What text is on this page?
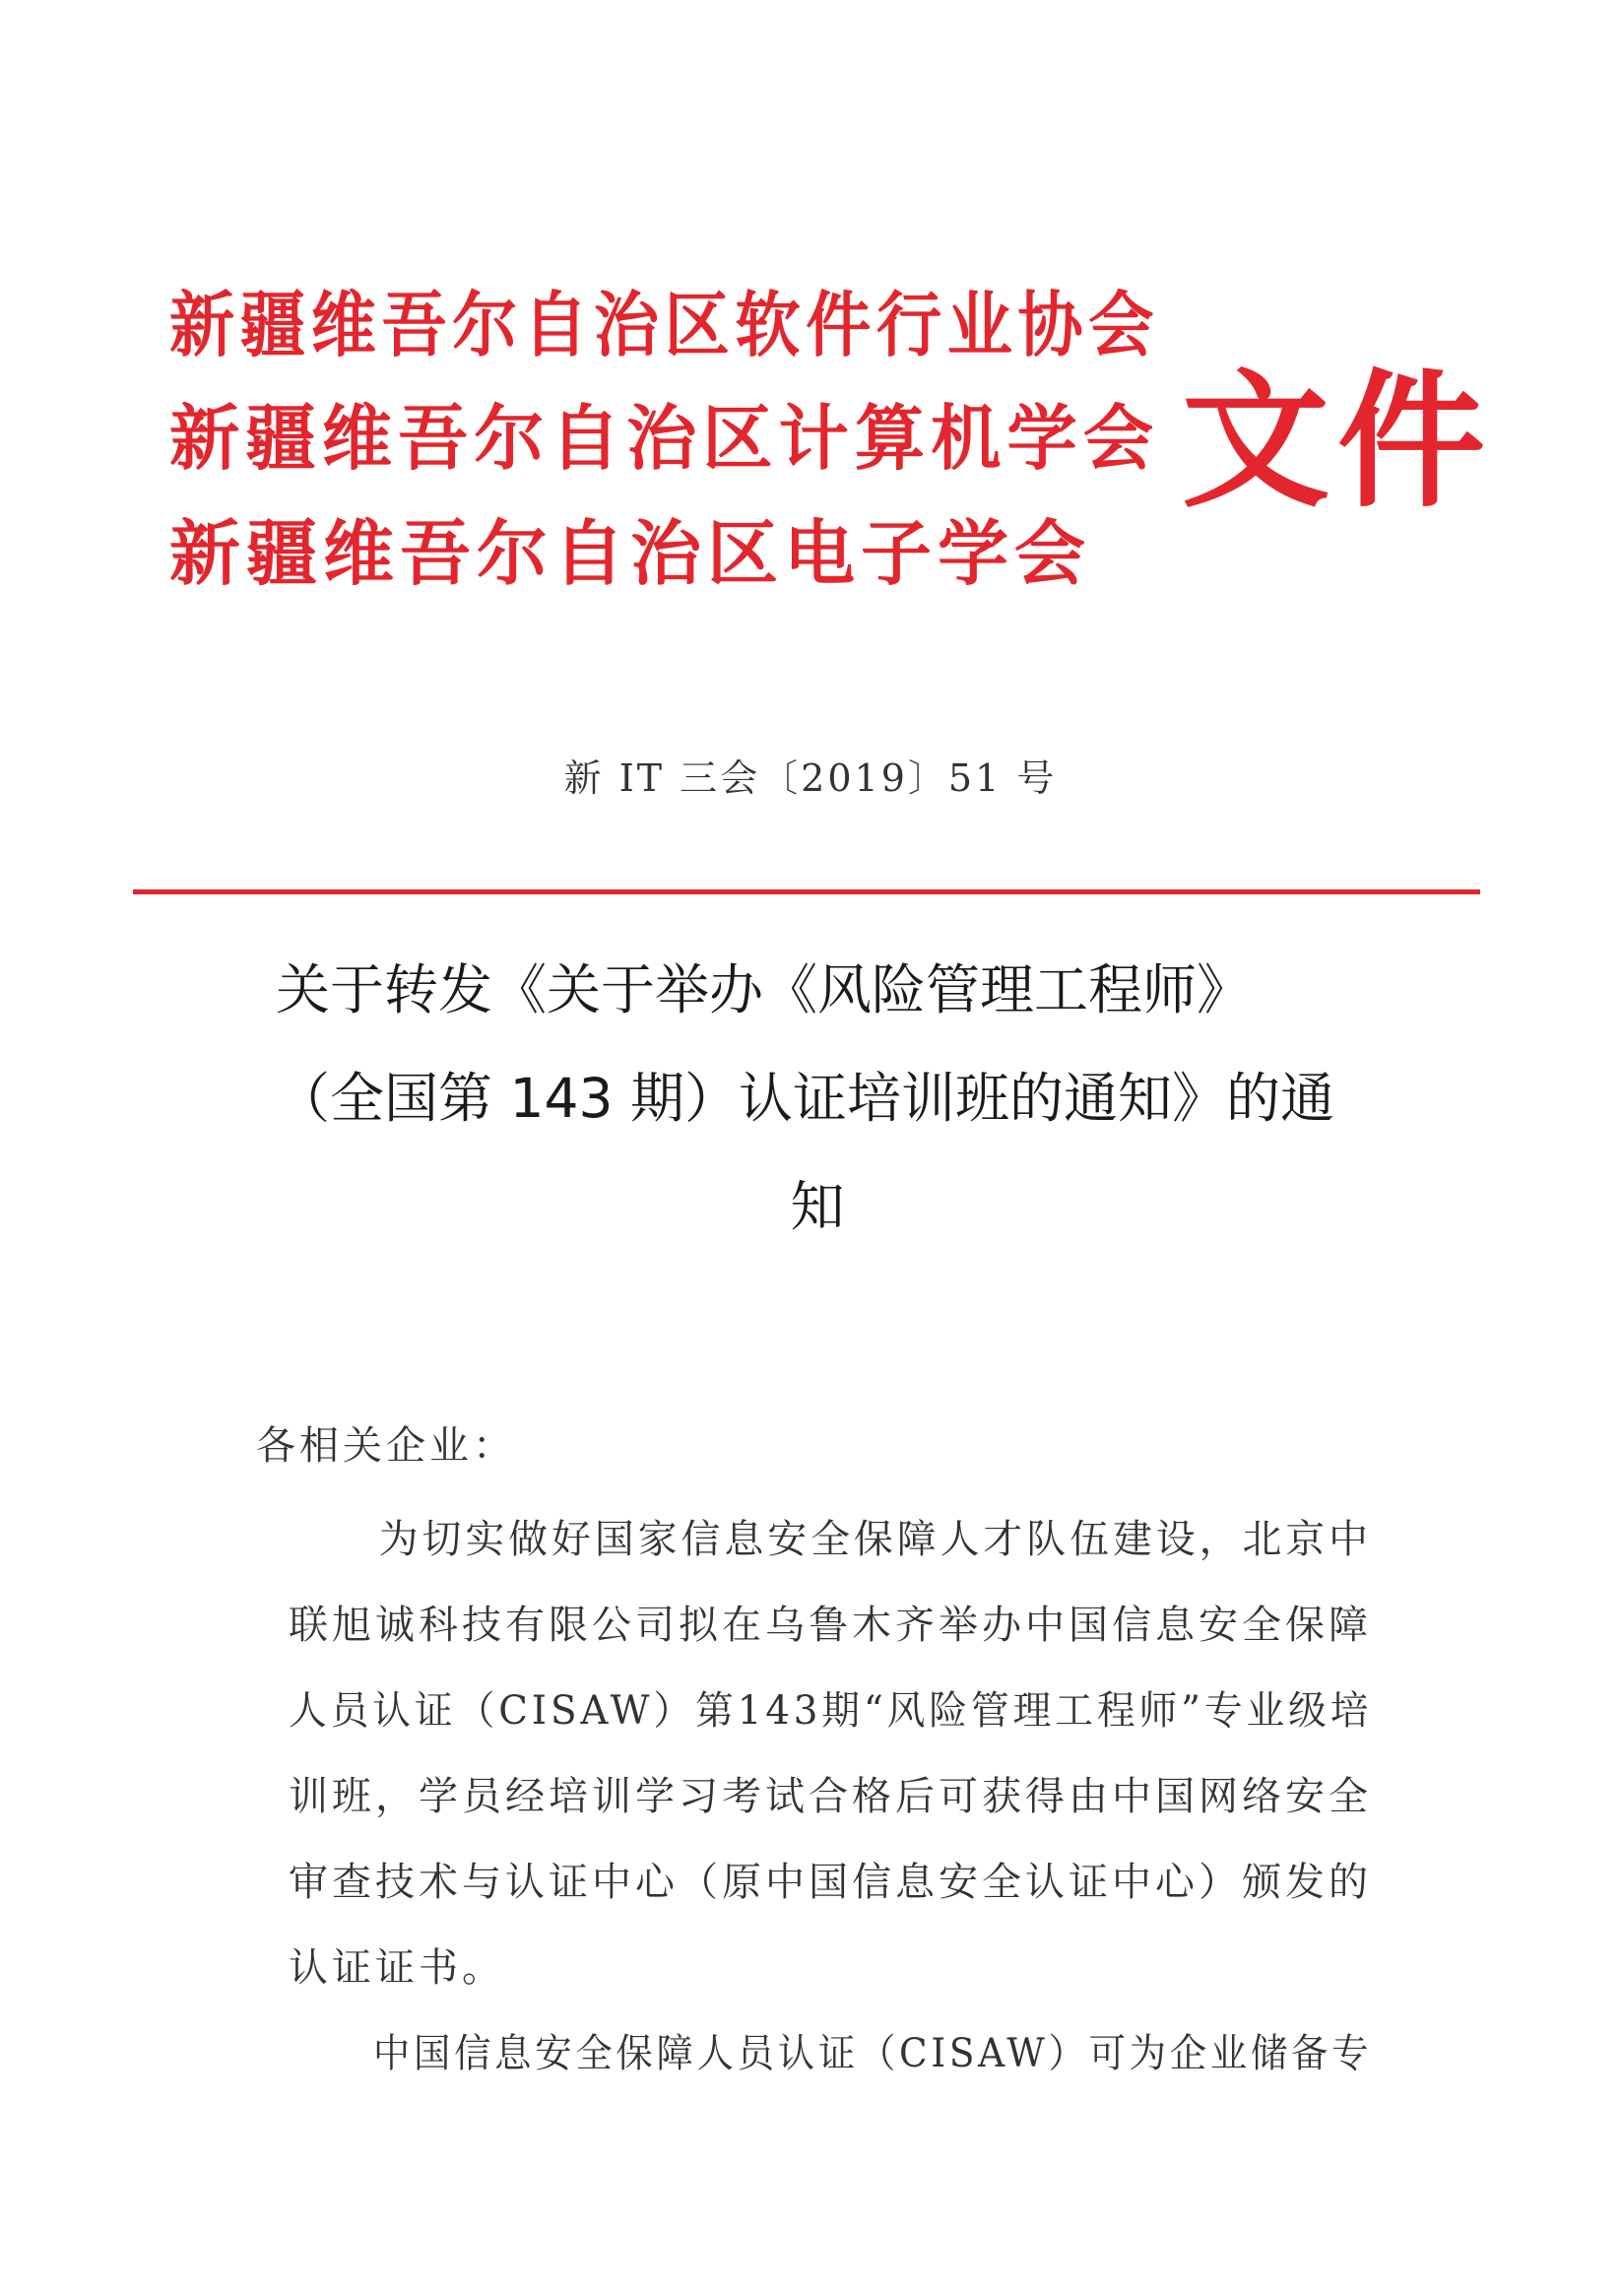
新疆维吾尔自治区软件行业协会
新疆维吾尔自治区计算机学会
新疆维吾尔自治区电子学会
文件
新 IT 三会〔2019〕51 号
关于转发《关于举办《风险管理工程师》
（全国第 143 期）认证培训班的通知》的通
知
各相关企业：
为切实做好国家信息安全保障人才队伍建设，北京中
联旭诚科技有限公司拟在乌鲁木齐举办中国信息安全保障
人员认证（CISAW）第143期“风险管理工程师”专业级培
训班，学员经培训学习考试合格后可获得由中国网络安全
审查技术与认证中心（原中国信息安全认证中心）颁发的
认证证书。
中国信息安全保障人员认证（CISAW）可为企业储备专
